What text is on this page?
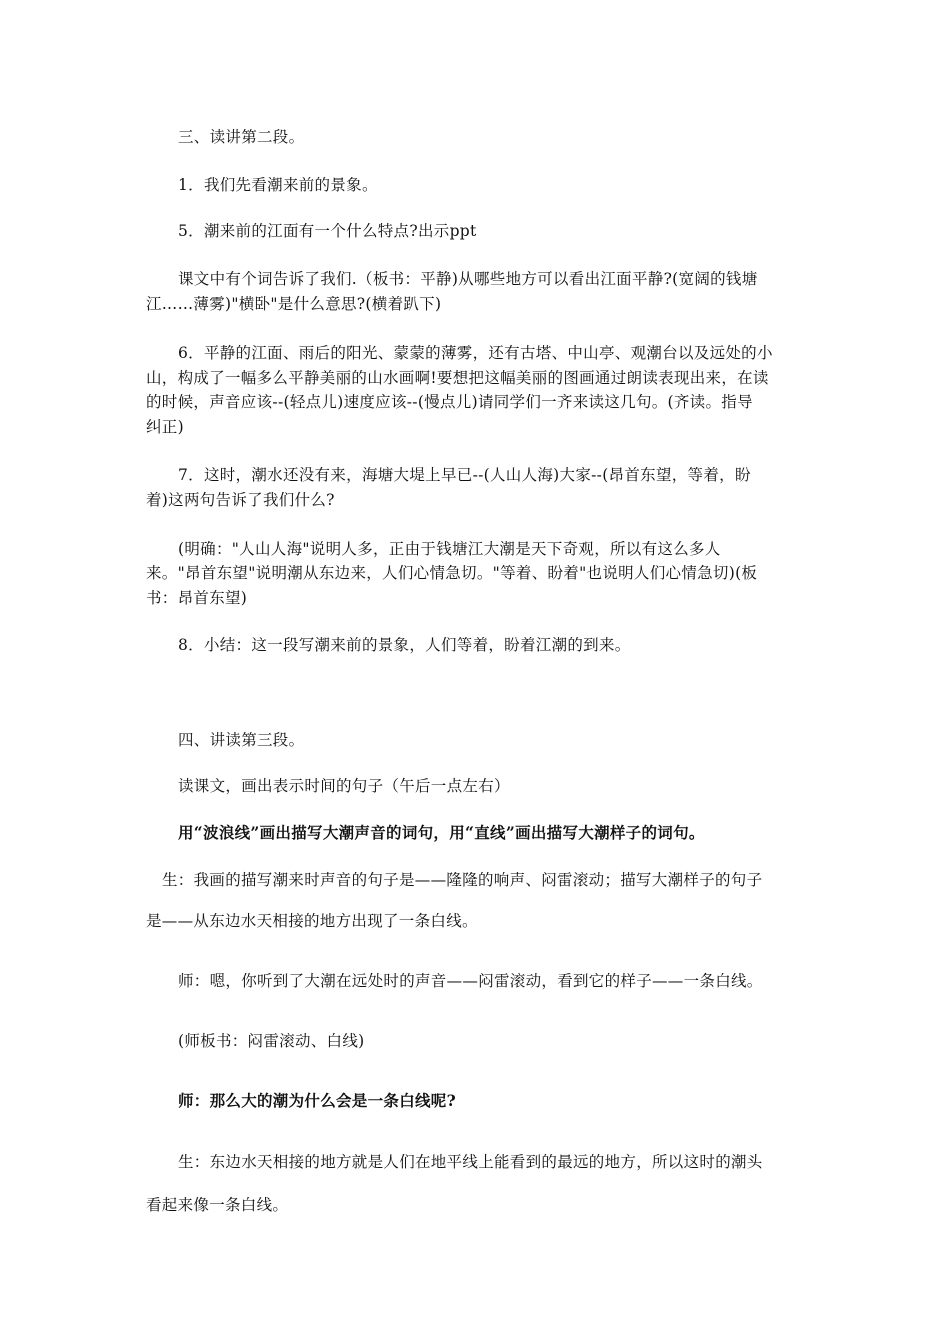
三、读讲第二段。
1．我们先看潮来前的景象。
5．潮来前的江面有一个什么特点?出示ppt
课文中有个词告诉了我们.（板书：平静)从哪些地方可以看出江面平静?(宽阔的钱塘
江……薄雾)"横卧"是什么意思?(横着趴下)
6．平静的江面、雨后的阳光、蒙蒙的薄雾，还有古塔、中山亭、观潮台以及远处的小
山，构成了一幅多么平静美丽的山水画啊!要想把这幅美丽的图画通过朗读表现出来，在读
的时候，声音应该--(轻点儿)速度应该--(慢点儿)请同学们一齐来读这几句。(齐读。指导
纠正)
7．这时，潮水还没有来，海塘大堤上早已--(人山人海)大家--(昂首东望，等着，盼
着)这两句告诉了我们什么?
(明确："人山人海"说明人多，正由于钱塘江大潮是天下奇观，所以有这么多人
来。"昂首东望"说明潮从东边来，人们心情急切。"等着、盼着"也说明人们心情急切)(板
书：昂首东望)
8．小结：这一段写潮来前的景象，人们等着，盼着江潮的到来。
四、讲读第三段。
读课文，画出表示时间的句子（午后一点左右）
用“波浪线”画出描写大潮声音的词句，用“直线”画出描写大潮样子的词句。
生：我画的描写潮来时声音的句子是——隆隆的响声、闷雷滚动；描写大潮样子的句子
是——从东边水天相接的地方出现了一条白线。
师：嗯，你听到了大潮在远处时的声音——闷雷滚动，看到它的样子——一条白线。
(师板书：闷雷滚动、白线)
师：那么大的潮为什么会是一条白线呢?
生：东边水天相接的地方就是人们在地平线上能看到的最远的地方，所以这时的潮头
看起来像一条白线。
